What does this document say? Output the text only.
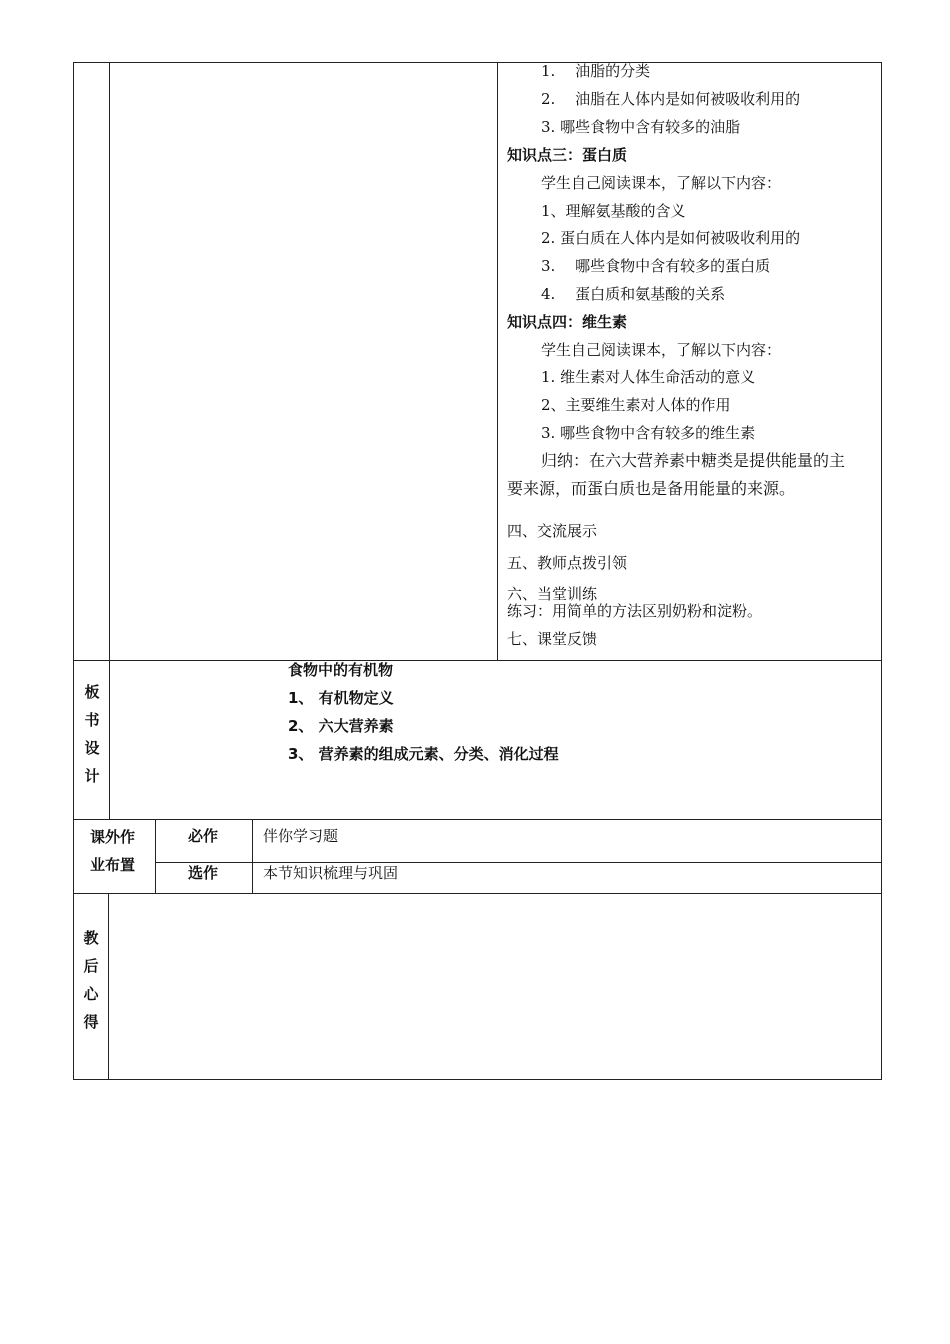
1.　 油脂的分类
2.　 油脂在人体内是如何被吸收利用的
3. 哪些食物中含有较多的油脂
知识点三：蛋白质
学生自己阅读课本，了解以下内容：
1、理解氨基酸的含义
2. 蛋白质在人体内是如何被吸收利用的
3.　 哪些食物中含有较多的蛋白质
4.　 蛋白质和氨基酸的关系
知识点四：维生素
学生自己阅读课本，了解以下内容：
1. 维生素对人体生命活动的意义
2、主要维生素对人体的作用
3. 哪些食物中含有较多的维生素
归纳：在六大营养素中糖类是提供能量的主
要来源，而蛋白质也是备用能量的来源。
四、交流展示
五、教师点拨引领
六、当堂训练
练习：用简单的方法区别奶粉和淀粉。
七、课堂反馈
板书设计
食物中的有机物
1、 有机物定义
2、 六大营养素
3、 营养素的组成元素、分类、消化过程
课外作
业布置
必作	伴你学习题
选作	本节知识梳理与巩固
教后心得
